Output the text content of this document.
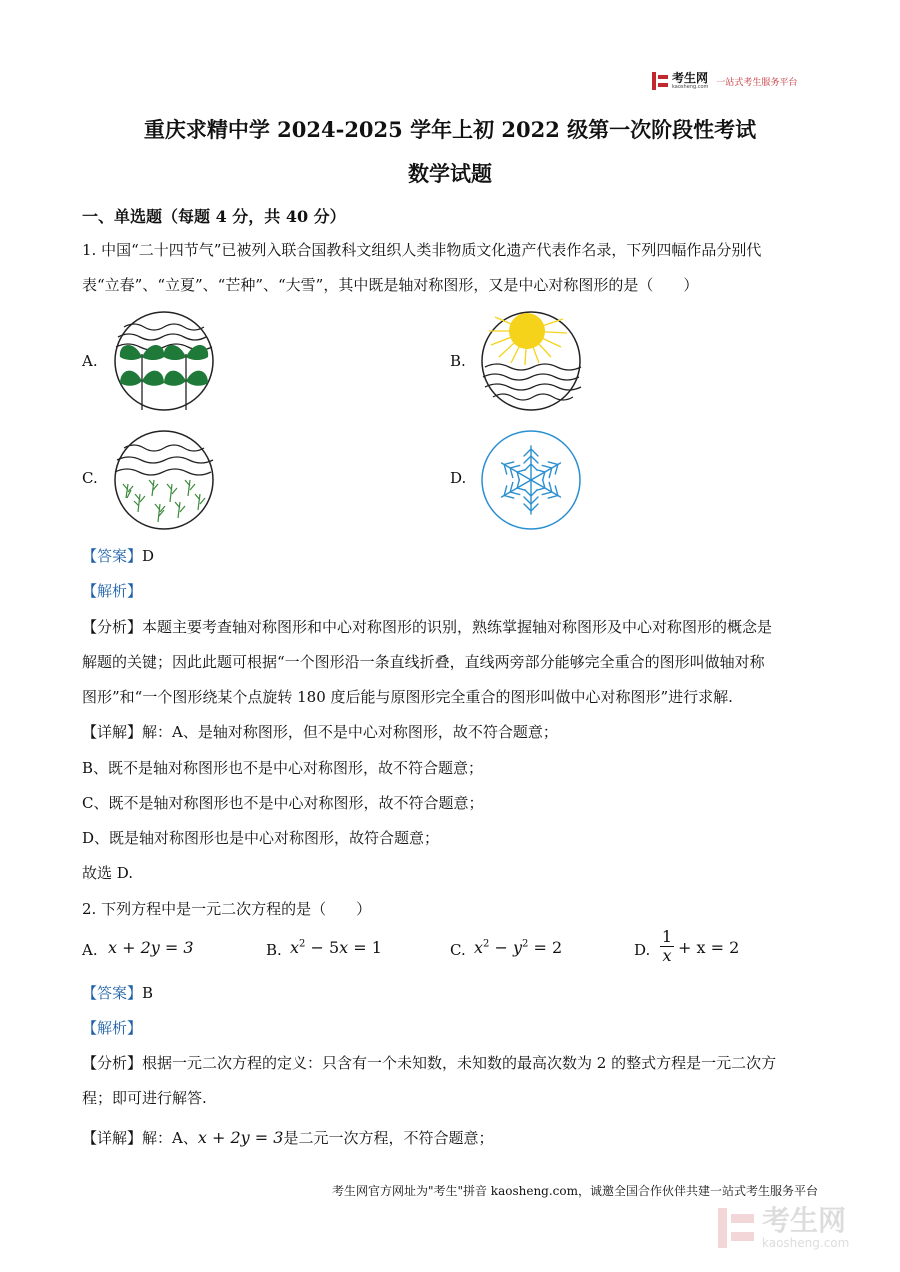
考生网
kaosheng.com 一站式考生服务平台
重庆求精中学 2024-2025 学年上初 2022 级第一次阶段性考试
数学试题
一、单选题（每题 4 分，共 40 分）
1. 中国“二十四节气”已被列入联合国教科文组织人类非物质文化遗产代表作名录，下列四幅作品分别代
表“立春”、“立夏”、“芒种”、“大雪”，其中既是轴对称图形，又是中心对称图形的是（　　）
A.	B.
C.	D.
【答案】D
【解析】
【分析】本题主要考查轴对称图形和中心对称图形的识别，熟练掌握轴对称图形及中心对称图形的概念是
解题的关键；因此此题可根据“一个图形沿一条直线折叠，直线两旁部分能够完全重合的图形叫做轴对称
图形”和“一个图形绕某个点旋转 180 度后能与原图形完全重合的图形叫做中心对称图形”进行求解.
【详解】解：A、是轴对称图形，但不是中心对称图形，故不符合题意；
B、既不是轴对称图形也不是中心对称图形，故不符合题意；
C、既不是轴对称图形也不是中心对称图形，故不符合题意；
D、既是轴对称图形也是中心对称图形，故符合题意；
故选 D.
2. 下列方程中是一元二次方程的是（　　）
A. x + 2y = 3	B. $x^2 - 5x = 1$	C. $x^2 - y^2 = 2$	D.
1
x + x = 2
【答案】B
【解析】
【分析】根据一元二次方程的定义：只含有一个未知数，未知数的最高次数为 2 的整式方程是一元二次方
程；即可进行解答.
【详解】解：A、x + 2y = 3是二元一次方程，不符合题意；
考生网官方网址为"考生"拼音 kaosheng.com，诚邀全国合作伙伴共建一站式考生服务平台
考生网
kaosheng.com
